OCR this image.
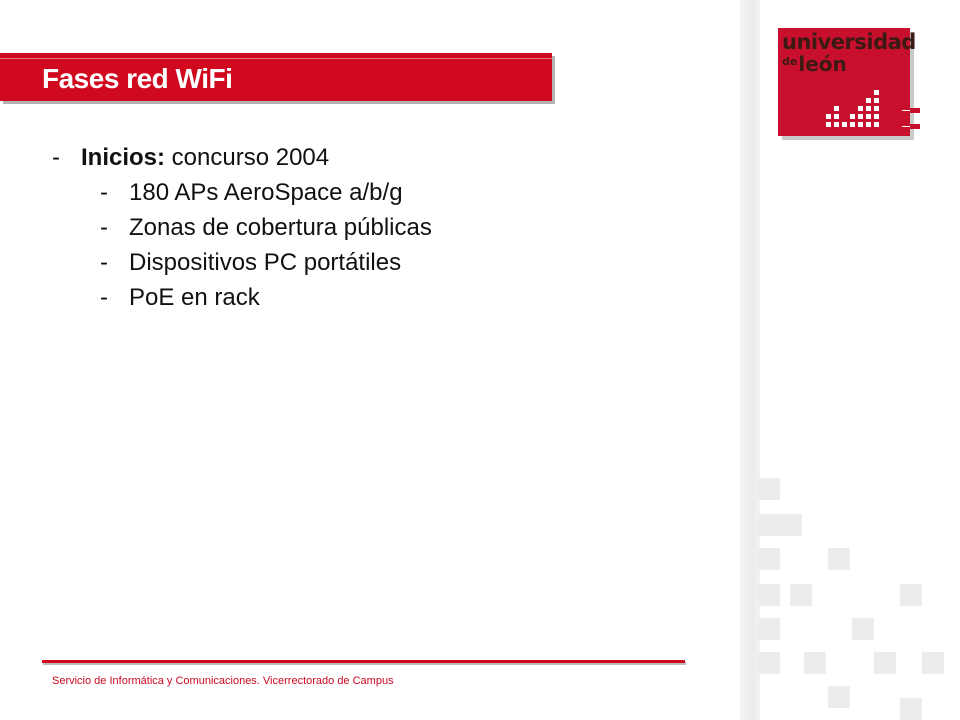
universidad
$^{de}$león
Fases red WiFi
- Inicios: concurso 2004
- 180 APs AeroSpace a/b/g
- Zonas de cobertura públicas
- Dispositivos PC portátiles
- PoE en rack
Servicio de Informática y Comunicaciones. Vicerrectorado de Campus
